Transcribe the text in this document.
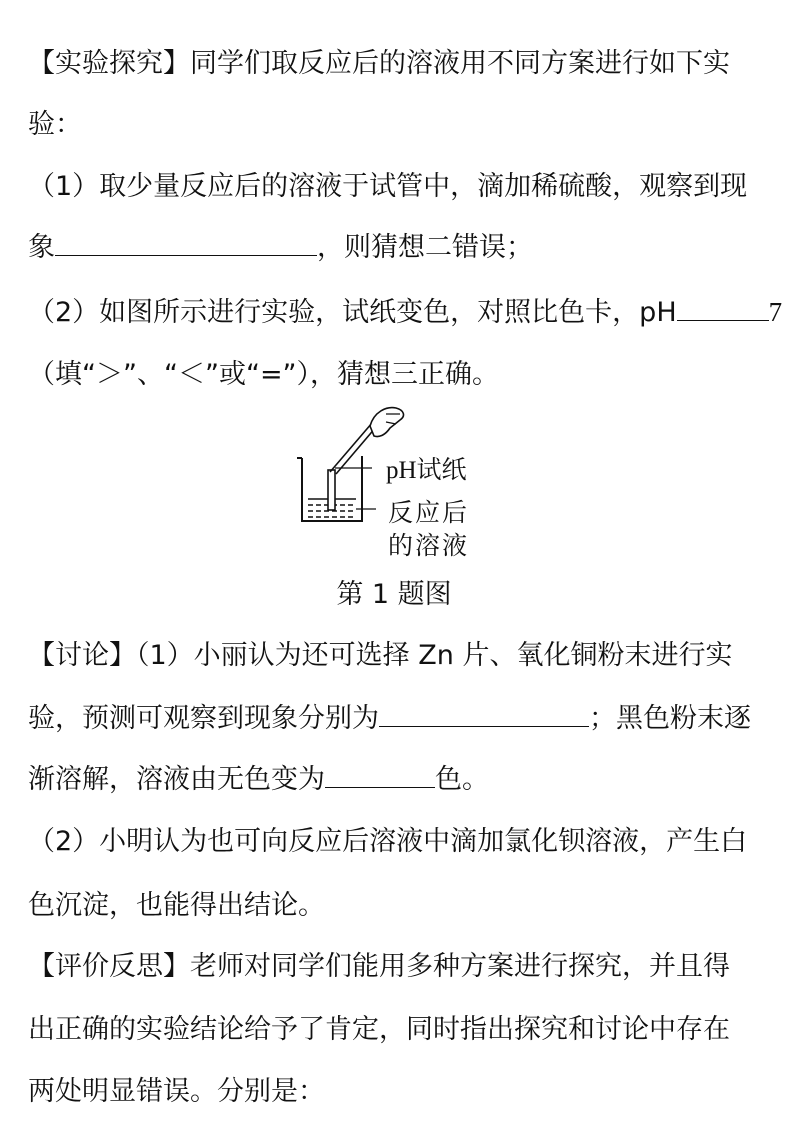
【实验探究】同学们取反应后的溶液用不同方案进行如下实
验：
（1）取少量反应后的溶液于试管中，滴加稀硫酸，观察到现
象	，则猜想二错误；
（2）如图所示进行实验，试纸变色，对照比色卡，pH	7
（填“＞”、“＜”或“=”），猜想三正确。
pH试纸
反应后
的溶液
第 1 题图
【讨论】（1）小丽认为还可选择 Zn 片、氧化铜粉末进行实
验，预测可观察到现象分别为	；黑色粉末逐
渐溶解，溶液由无色变为	色。
（2）小明认为也可向反应后溶液中滴加氯化钡溶液，产生白
色沉淀，也能得出结论。
【评价反思】老师对同学们能用多种方案进行探究，并且得
出正确的实验结论给予了肯定，同时指出探究和讨论中存在
两处明显错误。分别是：
